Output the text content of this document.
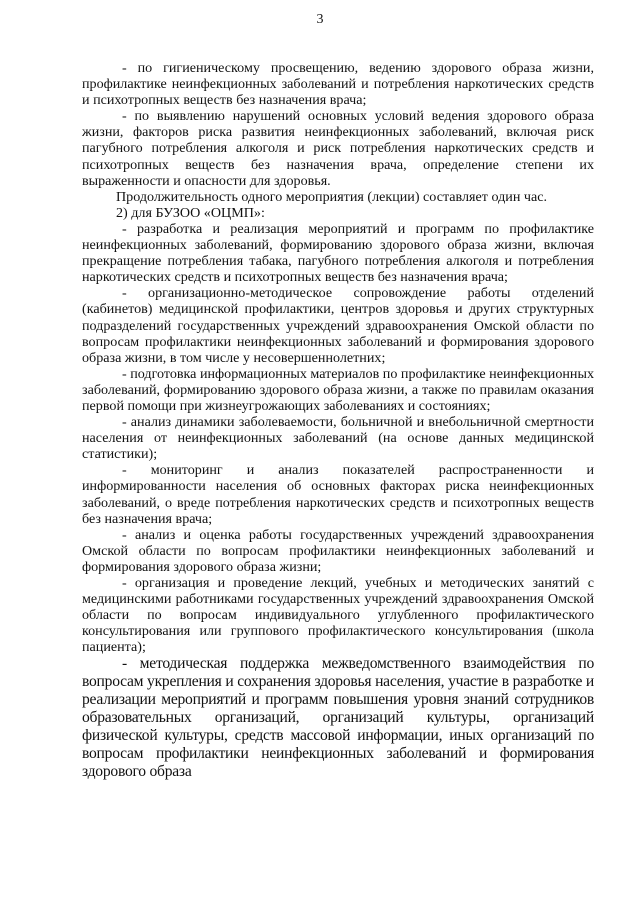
3

- по гигиеническому просвещению, ведению здорового образа жизни, профилактике неинфекционных заболеваний и потребления наркотических средств и психотропных веществ без назначения врача;

- по выявлению нарушений основных условий ведения здорового образа жизни, факторов риска развития неинфекционных заболеваний, включая риск пагубного потребления алкоголя и риск потребления наркотических средств и психотропных веществ без назначения врача, определение степени их выраженности и опасности для здоровья.

Продолжительность одного мероприятия (лекции) составляет один час.

2) для БУЗОО «ОЦМП»:

- разработка и реализация мероприятий и программ по профилактике неинфекционных заболеваний, формированию здорового образа жизни, включая прекращение потребления табака, пагубного потребления алкоголя и потребления наркотических средств и психотропных веществ без назначения врача;

- организационно-методическое сопровождение работы отделений (кабинетов) медицинской профилактики, центров здоровья и других структурных подразделений государственных учреждений здравоохранения Омской области по вопросам профилактики неинфекционных заболеваний и формирования здорового образа жизни, в том числе у несовершеннолетних;

- подготовка информационных материалов по профилактике неинфекционных заболеваний, формированию здорового образа жизни, а также по правилам оказания первой помощи при жизнеугрожающих заболеваниях и состояниях;

- анализ динамики заболеваемости, больничной и внебольничной смертности населения от неинфекционных заболеваний (на основе данных медицинской статистики);

- мониторинг и анализ показателей распространенности и информированности населения об основных факторах риска неинфекционных заболеваний, о вреде потребления наркотических средств и психотропных веществ без назначения врача;

- анализ и оценка работы государственных учреждений здравоохранения Омской области по вопросам профилактики неинфекционных заболеваний и формирования здорового образа жизни;

- организация и проведение лекций, учебных и методических занятий с медицинскими работниками государственных учреждений здравоохранения Омской области по вопросам индивидуального углубленного профилактического консультирования или группового профилактического консультирования (школа пациента);

- методическая поддержка межведомственного взаимодействия по вопросам укрепления и сохранения здоровья населения, участие в разработке и реализации мероприятий и программ повышения уровня знаний сотрудников образовательных организаций, организаций культуры, организаций физической культуры, средств массовой информации, иных организаций по вопросам профилактики неинфекционных заболеваний и формирования здорового образа
